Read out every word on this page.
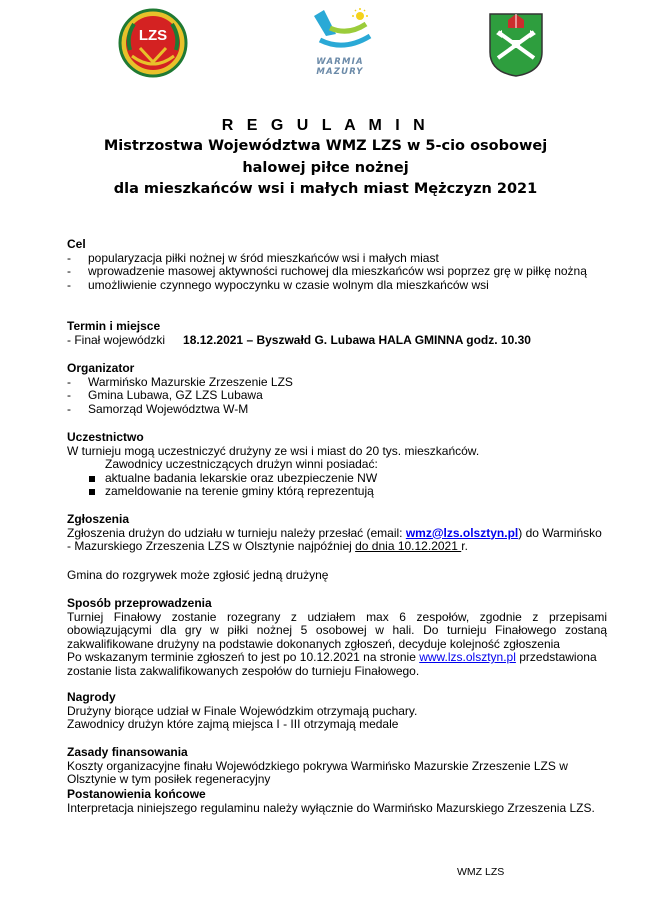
LZS
WARMIA
MAZURY
R E G U L A M I N
Mistrzostwa Województwa WMZ LZS w 5-cio osobowej
halowej piłce nożnej
dla mieszkańców wsi i małych miast Mężczyzn 2021
Cel
- popularyzacja piłki nożnej w śród mieszkańców wsi i małych miast
- wprowadzenie masowej aktywności ruchowej dla mieszkańców wsi poprzez grę w piłkę nożną
- umożliwienie czynnego wypoczynku w czasie wolnym dla mieszkańców wsi
Termin i miejsce
- Finał wojewódzki 18.12.2021 – Byszwałd G. Lubawa HALA GMINNA godz. 10.30
Organizator
- Warmińsko Mazurskie Zrzeszenie LZS
- Gmina Lubawa, GZ LZS Lubawa
- Samorząd Województwa W-M
Uczestnictwo
W turnieju mogą uczestniczyć drużyny ze wsi i miast do 20 tys. mieszkańców.
Zawodnicy uczestniczących drużyn winni posiadać:
aktualne badania lekarskie oraz ubezpieczenie NW
zameldowanie na terenie gminy którą reprezentują
Zgłoszenia
Zgłoszenia drużyn do udziału w turnieju należy przesłać (email: wmz@lzs.olsztyn.pl) do Warmińsko - Mazurskiego Zrzeszenia LZS w Olsztynie najpóźniej do dnia 10.12.2021 r.
Gmina do rozgrywek może zgłosić jedną drużynę
Sposób przeprowadzenia
Turniej Finałowy zostanie rozegrany z udziałem max 6 zespołów, zgodnie z przepisami obowiązującymi dla gry w piłki nożnej 5 osobowej w hali. Do turnieju Finałowego zostaną zakwalifikowane drużyny na podstawie dokonanych zgłoszeń, decyduje kolejność zgłoszenia
Po wskazanym terminie zgłoszeń to jest po 10.12.2021 na stronie www.lzs.olsztyn.pl przedstawiona zostanie lista zakwalifikowanych zespołów do turnieju Finałowego.
Nagrody
Drużyny biorące udział w Finale Wojewódzkim otrzymają puchary.
Zawodnicy drużyn które zajmą miejsca I - III otrzymają medale
Zasady finansowania
Koszty organizacyjne finału Wojewódzkiego pokrywa Warmińsko Mazurskie Zrzeszenie LZS w Olsztynie w tym posiłek regeneracyjny
Postanowienia końcowe
Interpretacja niniejszego regulaminu należy wyłącznie do Warmińsko Mazurskiego Zrzeszenia LZS.
WMZ LZS
